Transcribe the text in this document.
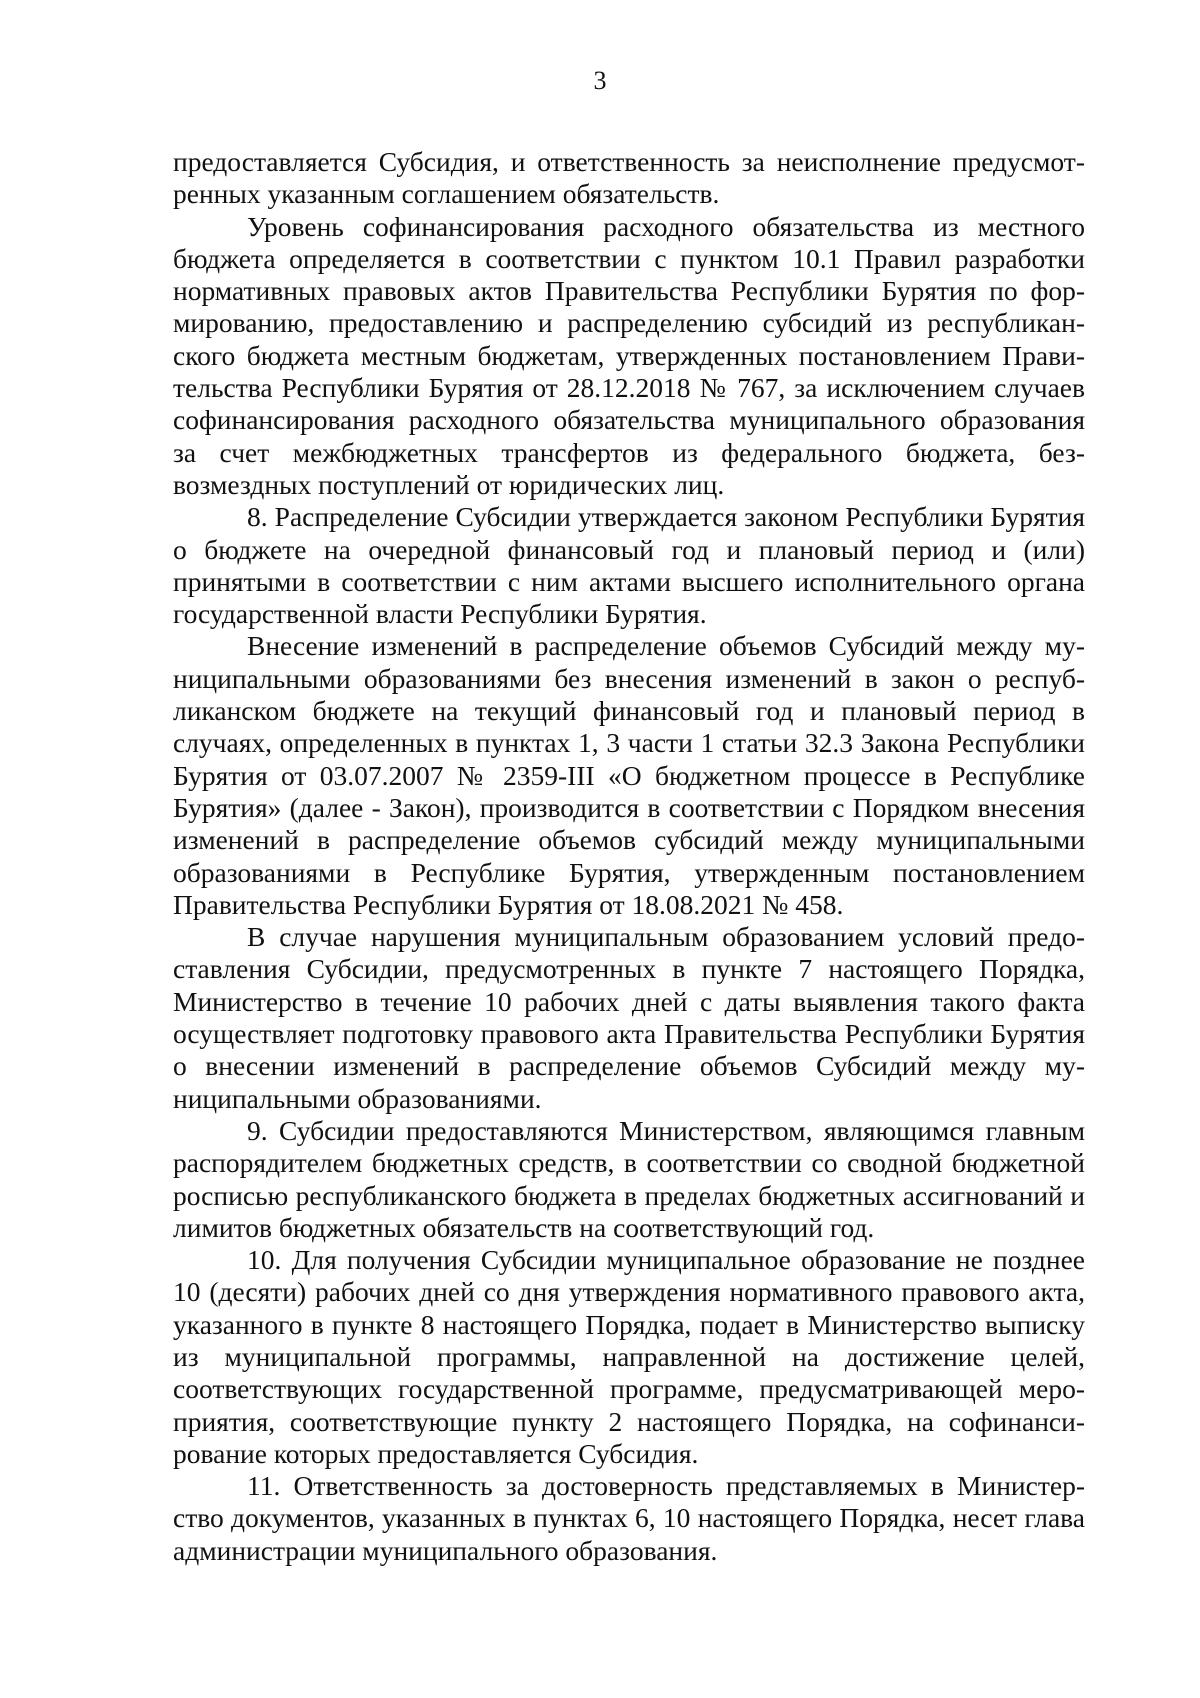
3

предоставляется Субсидия, и ответственность за неисполнение предусмотренных указанным соглашением обязательств.

Уровень софинансирования расходного обязательства из местного бюджета определяется в соответствии с пунктом 10.1 Правил разработки нормативных правовых актов Правительства Республики Бурятия по формированию, предоставлению и распределению субсидий из республиканского бюджета местным бюджетам, утвержденных постановлением Правительства Республики Бурятия от 28.12.2018 № 767, за исключением случаев софинансирования расходного обязательства муниципального образования за счет межбюджетных трансфертов из федерального бюджета, безвозмездных поступлений от юридических лиц.

8. Распределение Субсидии утверждается законом Республики Бурятия о бюджете на очередной финансовый год и плановый период и (или) принятыми в соответствии с ним актами высшего исполнительного органа государственной власти Республики Бурятия.

Внесение изменений в распределение объемов Субсидий между муниципальными образованиями без внесения изменений в закон о республиканском бюджете на текущий финансовый год и плановый период в случаях, определенных в пунктах 1, 3 части 1 статьи 32.3 Закона Республики Бурятия от 03.07.2007 № 2359-III «О бюджетном процессе в Республике Бурятия» (далее - Закон), производится в соответствии с Порядком внесения изменений в распределение объемов субсидий между муниципальными образованиями в Республике Бурятия, утвержденным постановлением Правительства Республики Бурятия от 18.08.2021 № 458.

В случае нарушения муниципальным образованием условий предоставления Субсидии, предусмотренных в пункте 7 настоящего Порядка, Министерство в течение 10 рабочих дней с даты выявления такого факта осуществляет подготовку правового акта Правительства Республики Бурятия о внесении изменений в распределение объемов Субсидий между муниципальными образованиями.

9. Субсидии предоставляются Министерством, являющимся главным распорядителем бюджетных средств, в соответствии со сводной бюджетной росписью республиканского бюджета в пределах бюджетных ассигнований и лимитов бюджетных обязательств на соответствующий год.

10. Для получения Субсидии муниципальное образование не позднее 10 (десяти) рабочих дней со дня утверждения нормативного правового акта, указанного в пункте 8 настоящего Порядка, подает в Министерство выписку из муниципальной программы, направленной на достижение целей, соответствующих государственной программе, предусматривающей мероприятия, соответствующие пункту 2 настоящего Порядка, на софинансирование которых предоставляется Субсидия.

11. Ответственность за достоверность представляемых в Министерство документов, указанных в пунктах 6, 10 настоящего Порядка, несет глава администрации муниципального образования.
